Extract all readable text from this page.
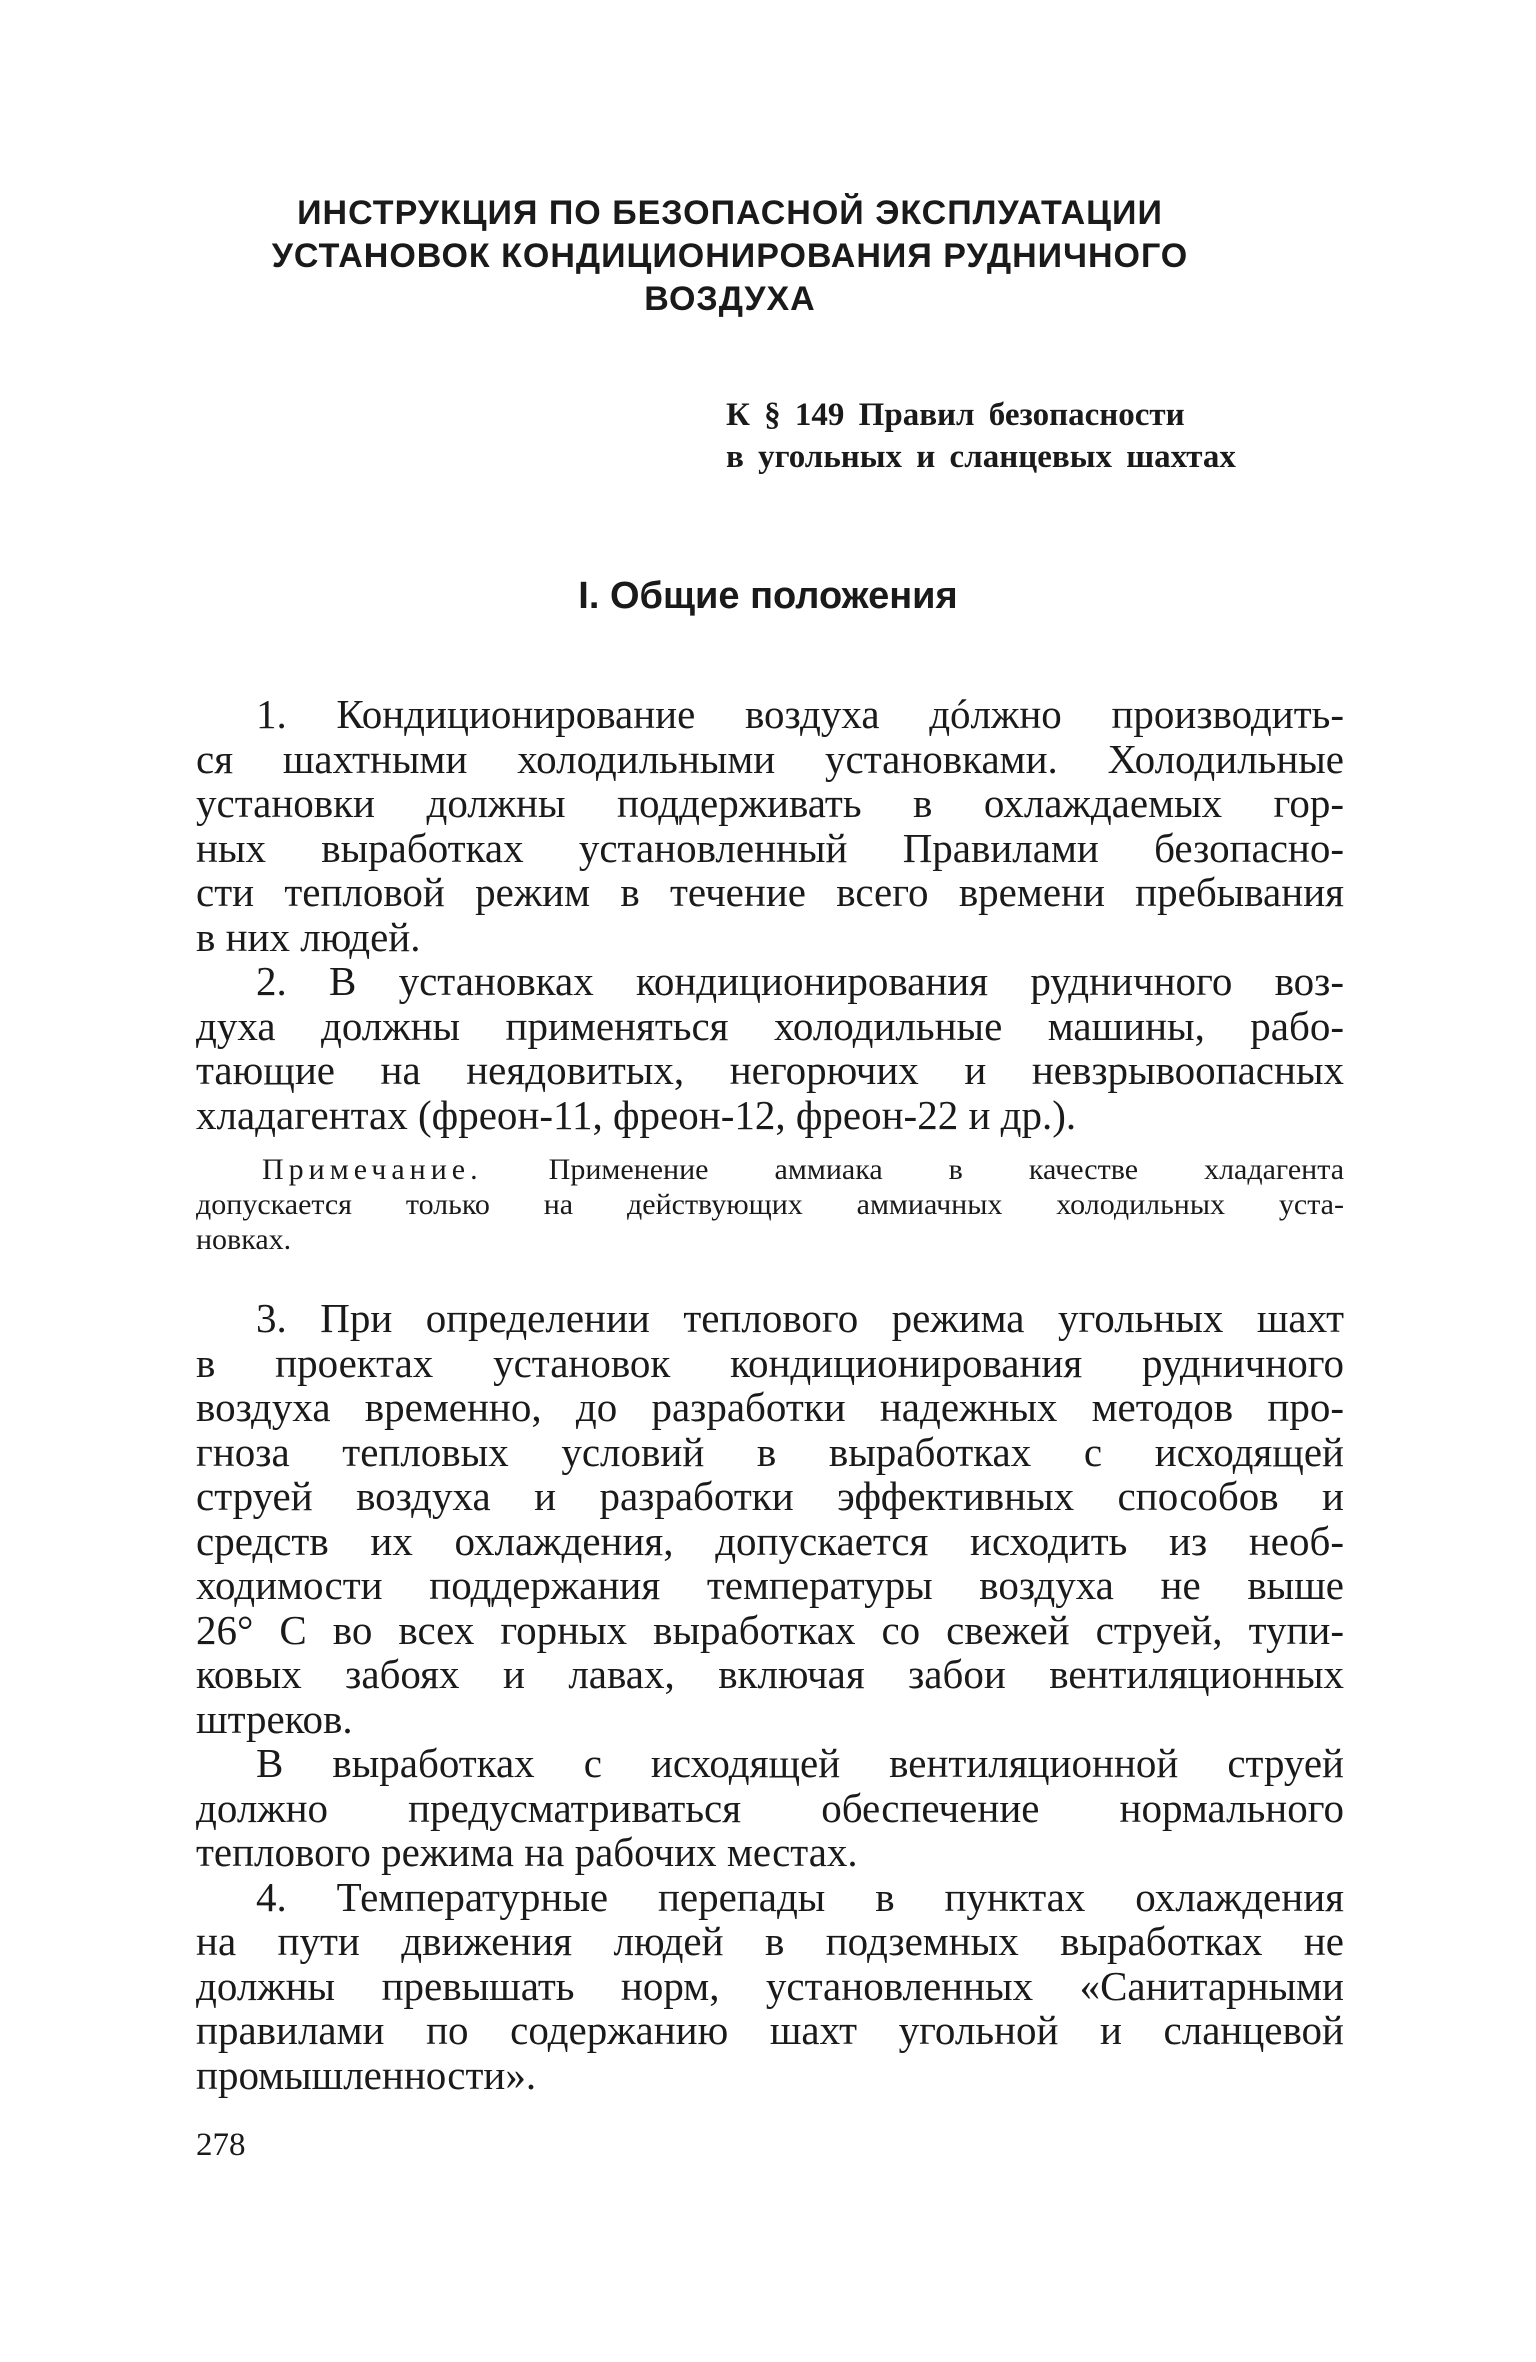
ИНСТРУКЦИЯ ПО БЕЗОПАСНОЙ ЭКСПЛУАТАЦИИ
УСТАНОВОК КОНДИЦИОНИРОВАНИЯ РУДНИЧНОГО
ВОЗДУХА
К § 149 Правил безопасности
в угольных и сланцевых шахтах
I. Общие положения
1. Кондиционирование воздуха дóлжно производить-
ся шахтными холодильными установками. Холодильные
установки должны поддерживать в охлаждаемых гор-
ных выработках установленный Правилами безопасно-
сти тепловой режим в течение всего времени пребывания
в них людей.
2. В установках кондиционирования рудничного воз-
духа должны применяться холодильные машины, рабо-
тающие на неядовитых, негорючих и невзрывоопасных
хладагентах (фреон-11, фреон-12, фреон-22 и др.).
Примечание. Применение аммиака в качестве хладагента
допускается только на действующих аммиачных холодильных уста-
новках.
3. При определении теплового режима угольных шахт
в проектах установок кондиционирования рудничного
воздуха временно, до разработки надежных методов про-
гноза тепловых условий в выработках с исходящей
струей воздуха и разработки эффективных способов и
средств их охлаждения, допускается исходить из необ-
ходимости поддержания температуры воздуха не выше
26° С во всех горных выработках со свежей струей, тупи-
ковых забоях и лавах, включая забои вентиляционных
штреков.
В выработках с исходящей вентиляционной струей
должно предусматриваться обеспечение нормального
теплового режима на рабочих местах.
4. Температурные перепады в пунктах охлаждения
на пути движения людей в подземных выработках не
должны превышать норм, установленных «Санитарными
правилами по содержанию шахт угольной и сланцевой
промышленности».
278
